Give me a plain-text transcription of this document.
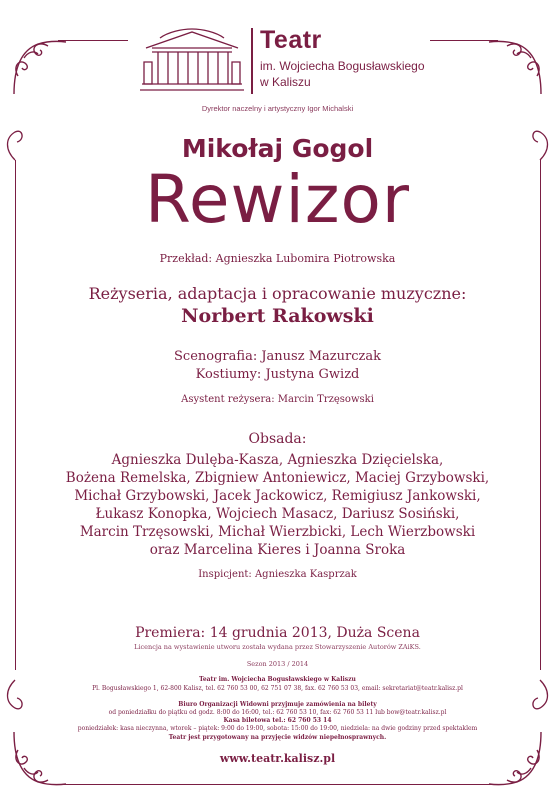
Teatr
im. Wojciecha Bogusławskiego
w Kaliszu
Dyrektor naczelny i artystyczny Igor Michalski
Mikołaj Gogol
Rewizor
Przekład: Agnieszka Lubomira Piotrowska
Reżyseria, adaptacja i opracowanie muzyczne:
Norbert Rakowski
Scenografia: Janusz Mazurczak
Kostiumy: Justyna Gwizd
Asystent reżysera: Marcin Trzęsowski
Obsada:
Agnieszka Dulęba-Kasza, Agnieszka Dzięcielska,
Bożena Remelska, Zbigniew Antoniewicz, Maciej Grzybowski,
Michał Grzybowski, Jacek Jackowicz, Remigiusz Jankowski,
Łukasz Konopka, Wojciech Masacz, Dariusz Sosiński,
Marcin Trzęsowski, Michał Wierzbicki, Lech Wierzbowski
oraz Marcelina Kieres i Joanna Sroka
Inspicjent: Agnieszka Kasprzak
Premiera: 14 grudnia 2013, Duża Scena
Licencja na wystawienie utworu została wydana przez Stowarzyszenie Autorów ZAiKS.
Sezon 2013 / 2014
Teatr im. Wojciecha Bogusławskiego w Kaliszu
Pl. Bogusławskiego 1, 62-800 Kalisz, tel. 62 760 53 00, 62 751 07 38, fax. 62 760 53 03, email: sekretariat@teatr.kalisz.pl
Biuro Organizacji Widowni przyjmuje zamówienia na bilety
od poniedziałku do piątku od godz. 8:00 do 16:00, tel.: 62 760 53 10, fax: 62 760 53 11 lub bow@teatr.kalisz.pl
Kasa biletowa tel.: 62 760 53 14
poniedziałek: kasa nieczynna, wtorek – piątek: 9:00 do 19:00, sobota: 15:00 do 19:00, niedziela: na dwie godziny przed spektaklem
Teatr jest przygotowany na przyjęcie widzów niepełnosprawnych.
www.teatr.kalisz.pl
